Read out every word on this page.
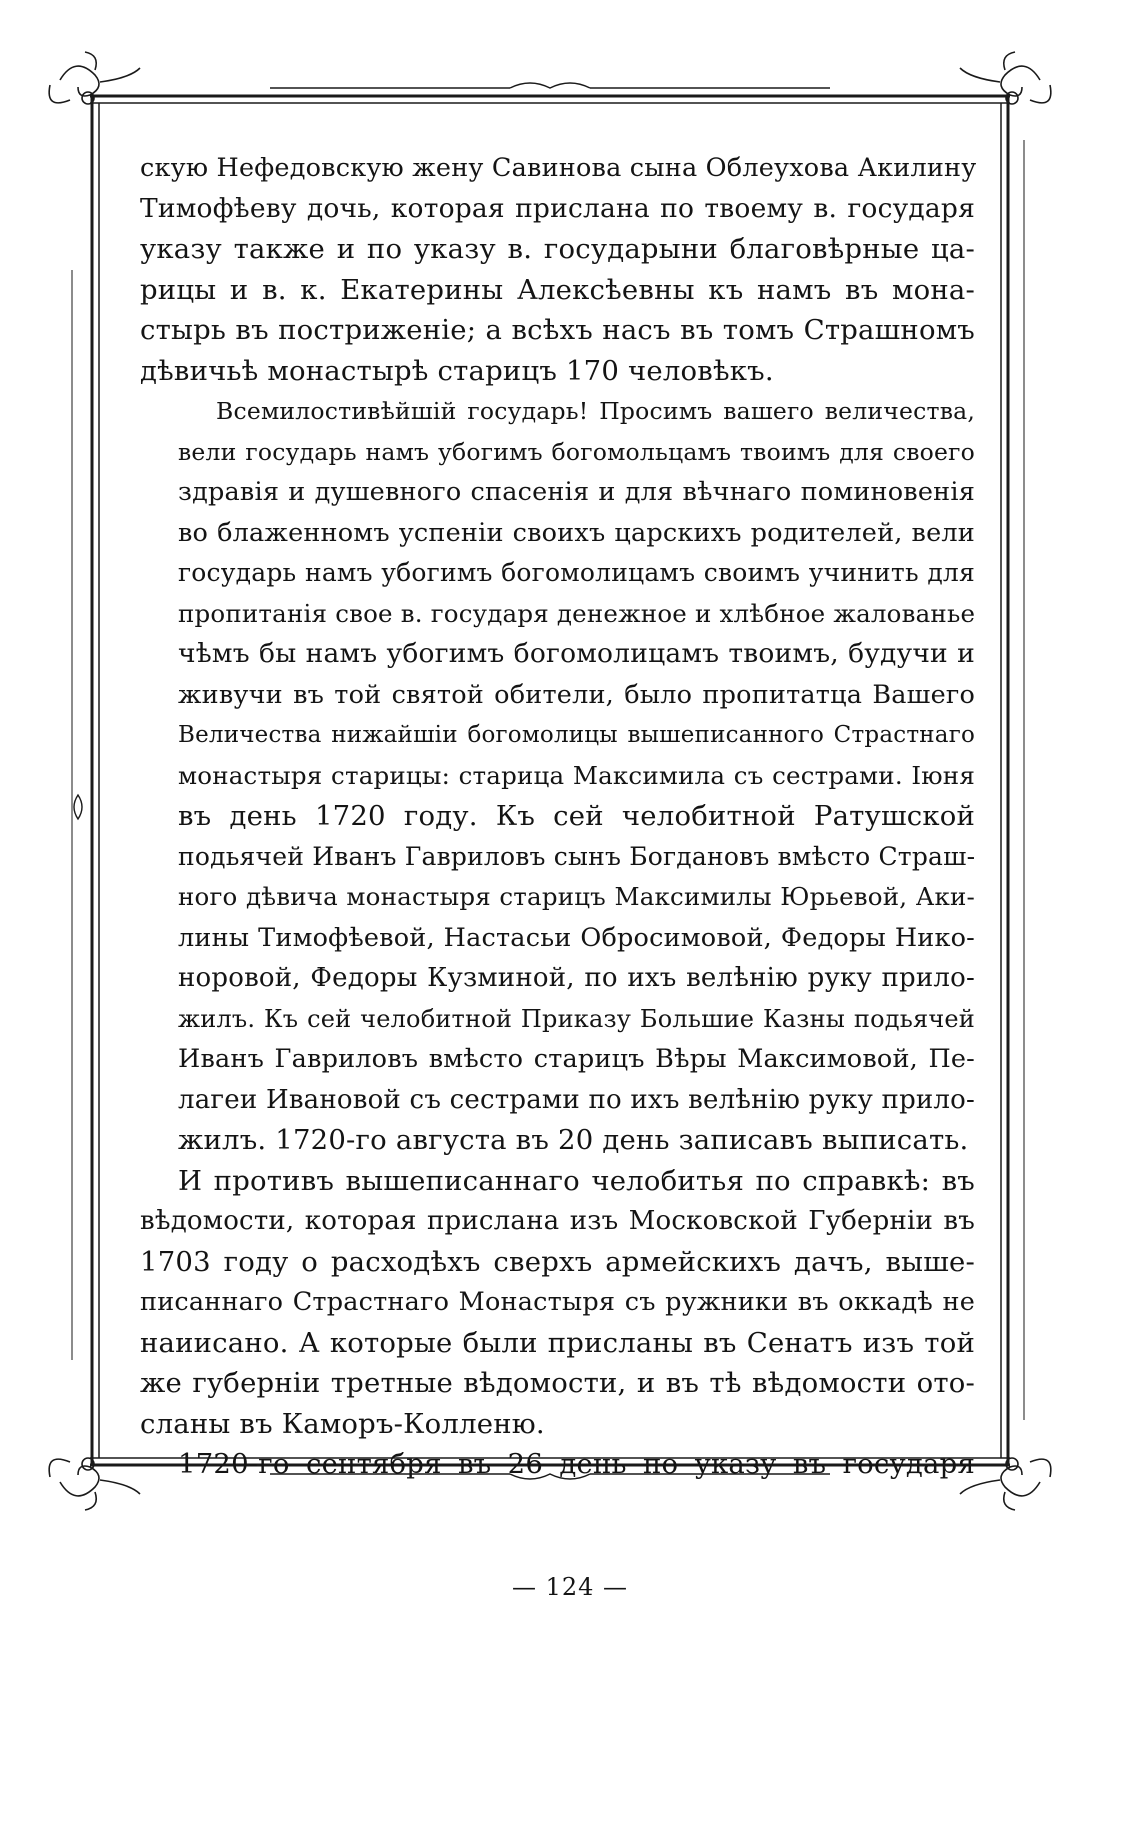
скую Нефедовскую жену Савинова сына Облеухова Акилину
Тимофѣеву дочь, которая прислана по твоему в. государя
указу также и по указу в. государыни благовѣрные ца-
рицы и в. к. Екатерины Алексѣевны къ намъ въ мона-
стырь въ постриженіе; а всѣхъ насъ въ томъ Страшномъ
дѣвичьѣ монастырѣ старицъ 170 человѣкъ.
Всемилостивѣйшій государь! Просимъ вашего величества,
вели государь намъ убогимъ богомольцамъ твоимъ для своего
здравія и душевного спасенія и для вѣчнаго поминовенія
во блаженномъ успеніи своихъ царскихъ родителей, вели
государь намъ убогимъ богомолицамъ своимъ учинить для
пропитанія свое в. государя денежное и хлѣбное жалованье
чѣмъ бы намъ убогимъ богомолицамъ твоимъ, будучи и
живучи въ той святой обители, было пропитатца Вашего
Величества нижайшіи богомолицы вышеписанного Страстнаго
монастыря старицы: старица Максимила съ сестрами. Іюня
въ день 1720 году. Къ сей челобитной Ратушской
подьячей Иванъ Гавриловъ сынъ Богдановъ вмѣсто Страш-
ного дѣвича монастыря старицъ Максимилы Юрьевой, Аки-
лины Тимофѣевой, Настасьи Обросимовой, Федоры Нико-
норовой, Федоры Кузминой, по ихъ велѣнію руку прило-
жилъ. Къ сей челобитной Приказу Большие Казны подьячей
Иванъ Гавриловъ вмѣсто старицъ Вѣры Максимовой, Пе-
лагеи Ивановой съ сестрами по ихъ велѣнію руку прило-
жилъ. 1720-го августа въ 20 день записавъ выписать.
И противъ вышеписаннаго челобитья по справкѣ: въ
вѣдомости, которая прислана изъ Московской Губерніи въ
1703 году о расходѣхъ сверхъ армейскихъ дачъ, выше-
писаннаго Страстнаго Монастыря съ ружники въ оккадѣ не
наиисано. А которые были присланы въ Сенатъ изъ той
же губерніи третные вѣдомости, и въ тѣ вѣдомости ото-
сланы въ Каморъ-Колленю.
1720-го сентября въ 26 день по указу въ государя
— 124 —
